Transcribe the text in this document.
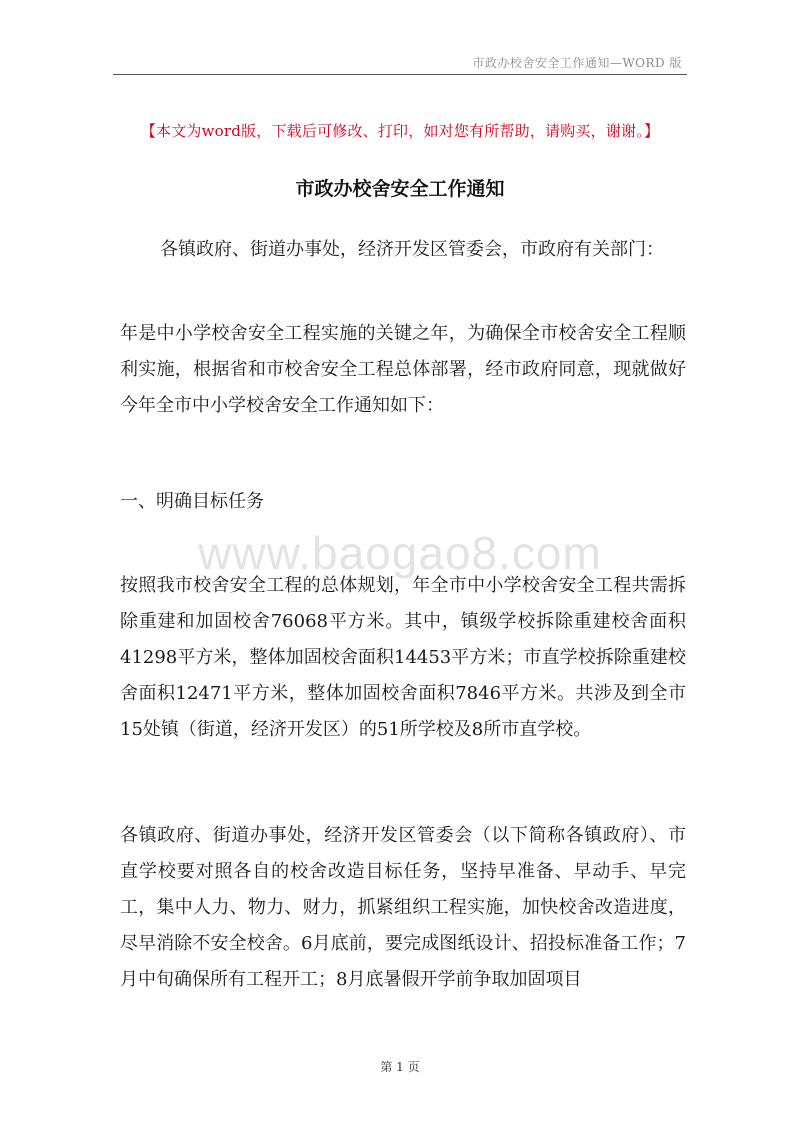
市政办校舍安全工作通知—WORD 版
【本文为word版，下载后可修改、打印，如对您有所帮助，请购买，谢谢。】
市政办校舍安全工作通知

各镇政府、街道办事处，经济开发区管委会，市政府有关部门：

年是中小学校舍安全工程实施的关键之年，为确保全市校舍安全工程顺利实施，根据省和市校舍安全工程总体部署，经市政府同意，现就做好今年全市中小学校舍安全工作通知如下：

一、明确目标任务

www.baogao8.com

按照我市校舍安全工程的总体规划，年全市中小学校舍安全工程共需拆除重建和加固校舍76068平方米。其中，镇级学校拆除重建校舍面积41298平方米，整体加固校舍面积14453平方米；市直学校拆除重建校舍面积12471平方米，整体加固校舍面积7846平方米。共涉及到全市15处镇（街道，经济开发区）的51所学校及8所市直学校。

各镇政府、街道办事处，经济开发区管委会（以下简称各镇政府）、市直学校要对照各自的校舍改造目标任务，坚持早准备、早动手、早完工，集中人力、物力、财力，抓紧组织工程实施，加快校舍改造进度，尽早消除不安全校舍。6月底前，要完成图纸设计、招投标准备工作；7月中旬确保所有工程开工；8月底暑假开学前争取加固项目

第 1 页
